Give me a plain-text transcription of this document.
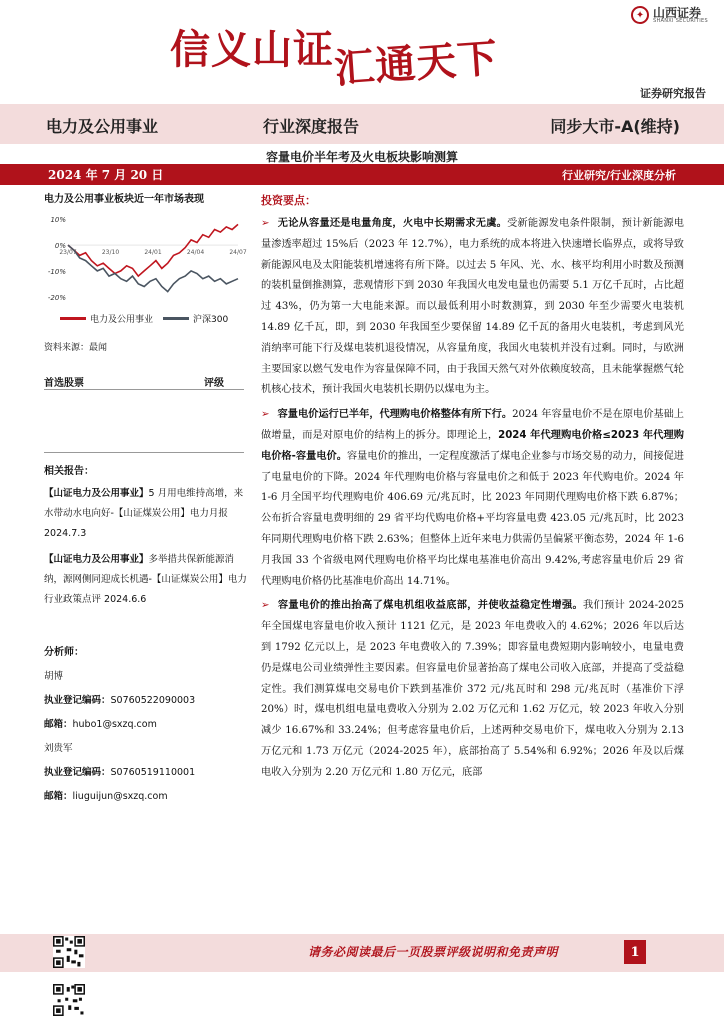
信义山证汇通天下
✦ 山西证券
SHANXI SECURITIES
证券研究报告
电力及公用事业	行业深度报告	同步大市-A(维持)
容量电价半年考及火电板块影响测算
2024 年 7 月 20 日	行业研究/行业深度分析
电力及公用事业板块近一年市场表现
10%
0%
-10%
-20%
23/07	23/10	24/01	24/04	24/07
电力及公用事业	沪深300
资料来源：最闻
首选股票	评级
相关报告：
【山证电力及公用事业】5 月用电维持高增，来水带动水电向好-【山证煤炭公用】电力月报 2024.7.3
【山证电力及公用事业】多举措共保新能源消纳，源网侧同迎成长机遇-【山证煤炭公用】电力行业政策点评 2024.6.6
分析师：
胡博
执业登记编码：S0760522090003
邮箱：hubo1@sxzq.com
刘贵军
执业登记编码：S0760519110001
邮箱：liuguijun@sxzq.com
投资要点：

➢ 无论从容量还是电量角度，火电中长期需求无虞。受新能源发电条件限制，预计新能源电量渗透率超过 15%后（2023 年 12.7%），电力系统的成本将进入快速增长临界点，或将导致新能源风电及太阳能装机增速将有所下降。以过去 5 年风、光、水、核平均利用小时数及预测的装机量倒推测算，悲观情形下到 2030 年我国火电发电量也仍需要 5.1 万亿千瓦时，占比超过 43%，仍为第一大电能来源。而以最低利用小时数测算，到 2030 年至少需要火电装机 14.89 亿千瓦，即，到 2030 年我国至少要保留 14.89 亿千瓦的备用火电装机，考虑到风光消纳率可能下行及煤电装机退役情况，从容量角度，我国火电装机并没有过剩。同时，与欧洲主要国家以燃气发电作为容量保障不同，由于我国天然气对外依赖度较高，且未能掌握燃气轮机核心技术，预计我国火电装机长期仍以煤电为主。

➢ 容量电价运行已半年，代理购电价格整体有所下行。2024 年容量电价不是在原电价基础上做增量，而是对原电价的结构上的拆分。即理论上，2024 年代理购电价格≤2023 年代理购电价格-容量电价。容量电价的推出，一定程度激活了煤电企业参与市场交易的动力，间接促进了电量电价的下降。2024 年代理购电价格与容量电价之和低于 2023 年代购电价。2024 年 1-6 月全国平均代理购电价 406.69 元/兆瓦时，比 2023 年同期代理购电价格下跌 6.87%；公布折合容量电费明细的 29 省平均代购电价格+平均容量电费 423.05 元/兆瓦时，比 2023 年同期代理购电价格下跌 2.63%；但整体上近年来电力供需仍呈偏紧平衡态势，2024 年 1-6 月我国 33 个省级电网代理购电价格平均比煤电基准电价高出 9.42%,考虑容量电价后 29 省代理购电价格仍比基准电价高出 14.71%。

➢ 容量电价的推出抬高了煤电机组收益底部，并使收益稳定性增强。我们预计 2024-2025 年全国煤电容量电价收入预计 1121 亿元，是 2023 年电费收入的 4.62%；2026 年以后达到 1792 亿元以上，是 2023 年电费收入的 7.39%；即容量电费短期内影响较小，电量电费仍是煤电公司业绩弹性主要因素。但容量电价显著抬高了煤电公司收入底部，并提高了受益稳定性。我们测算煤电交易电价下跌到基准价 372 元/兆瓦时和 298 元/兆瓦时（基准价下浮 20%）时，煤电机组电量电费收入分别为 2.02 万亿元和 1.62 万亿元，较 2023 年收入分别减少 16.67%和 33.24%；但考虑容量电价后，上述两种交易电价下，煤电收入分别为 2.13 万亿元和 1.73 万亿元（2024-2025 年），底部抬高了 5.54%和 6.92%；2026 年及以后煤电收入分别为 2.20 万亿元和 1.80 万亿元，底部

请务必阅读最后一页股票评级说明和免责声明	1
